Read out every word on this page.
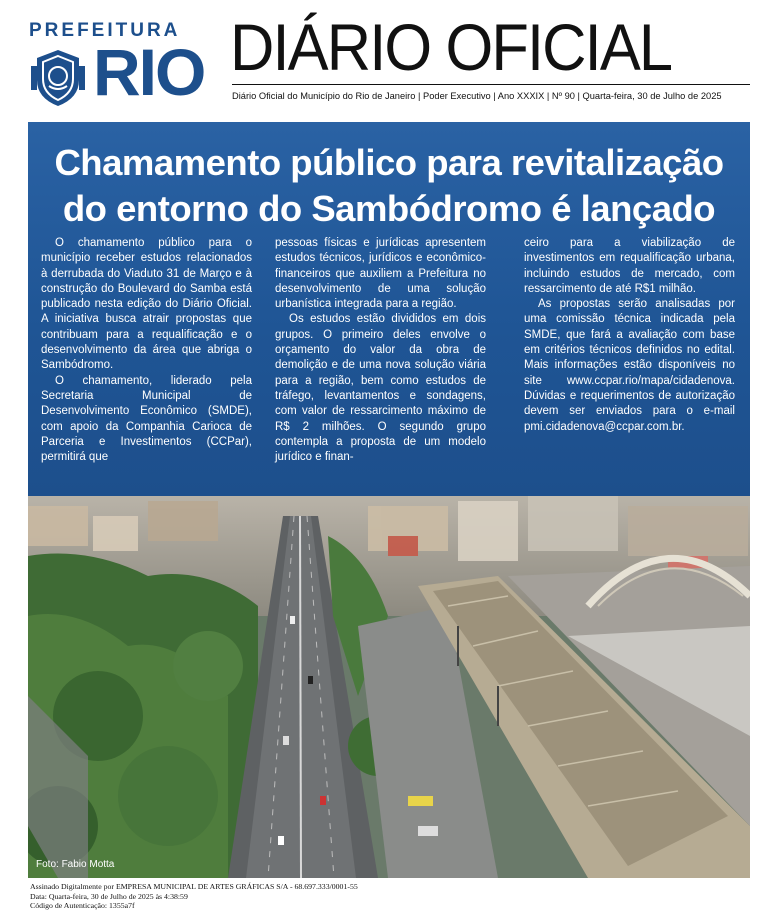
PREFEITURA
RIO DIÁRIO OFICIAL
Diário Oficial do Município do Rio de Janeiro | Poder Executivo | Ano XXXIX | Nº 90 | Quarta-feira, 30 de Julho de 2025
Chamamento público para revitalização
do entorno do Sambódromo é lançado

O chamamento público para o município receber estudos relacionados à derrubada do Viaduto 31 de Março e à construção do Boulevard do Samba está publicado nesta edição do Diário Oficial. A iniciativa busca atrair propostas que contribuam para a requalificação e o desenvolvimento da área que abriga o Sambódromo.

O chamamento, liderado pela Secretaria Municipal de Desenvolvimento Econômico (SMDE), com apoio da Companhia Carioca de Parceria e Investimentos (CCPar), permitirá que

pessoas físicas e jurídicas apresentem estudos técnicos, jurídicos e econômico-financeiros que auxiliem a Prefeitura no desenvolvimento de uma solução urbanística integrada para a região.

Os estudos estão divididos em dois grupos. O primeiro deles envolve o orçamento do valor da obra de demolição e de uma nova solução viária para a região, bem como estudos de tráfego, levantamentos e sondagens, com valor de ressarcimento máximo de R$ 2 milhões. O segundo grupo contempla a proposta de um modelo jurídico e finan-

ceiro para a viabilização de investimentos em requalificação urbana, incluindo estudos de mercado, com ressarcimento de até R$1 milhão.

As propostas serão analisadas por uma comissão técnica indicada pela SMDE, que fará a avaliação com base em critérios técnicos definidos no edital. Mais informações estão disponíveis no site www.ccpar.rio/mapa/cidadenova. Dúvidas e requerimentos de autorização devem ser enviados para o e-mail pmi.cidadenova@ccpar.com.br.

Foto: Fabio Motta
Assinado Digitalmente por EMPRESA MUNICIPAL DE ARTES GRÁFICAS S/A - 68.697.333/0001-55
Data: Quarta-feira, 30 de Julho de 2025 às 4:38:59
Código de Autenticação: 1355a7f
